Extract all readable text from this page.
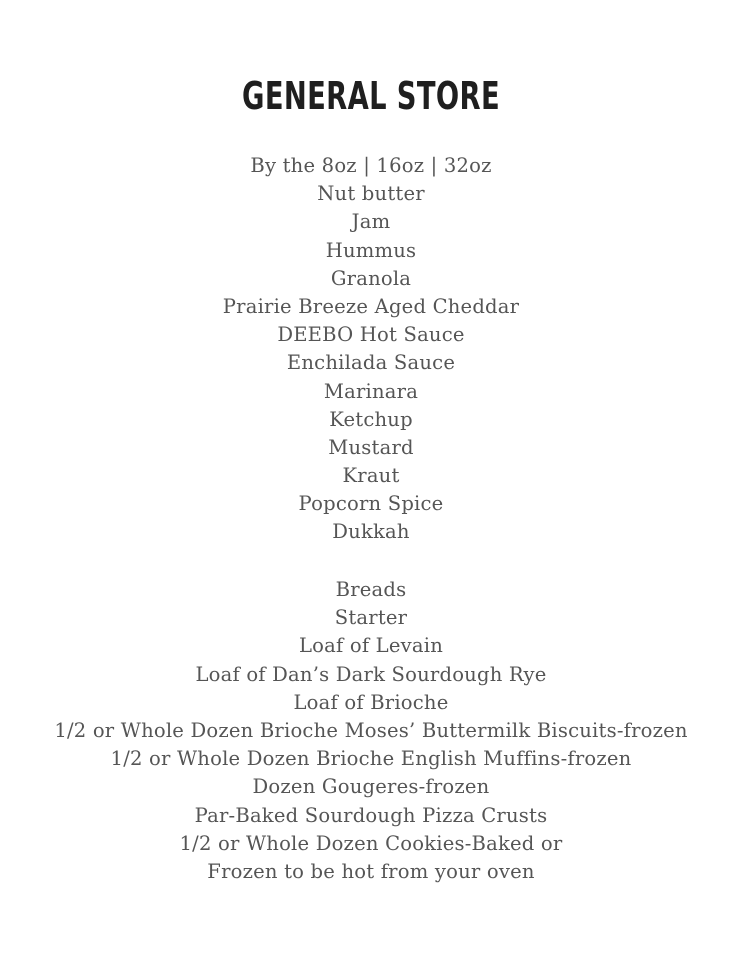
GENERAL STORE
By the 8oz | 16oz | 32oz
Nut butter
Jam
Hummus
Granola
Prairie Breeze Aged Cheddar
DEEBO Hot Sauce
Enchilada Sauce
Marinara
Ketchup
Mustard
Kraut
Popcorn Spice
Dukkah
Breads
Starter
Loaf of Levain
Loaf of Dan’s Dark Sourdough Rye
Loaf of Brioche
1/2 or Whole Dozen Brioche Moses’ Buttermilk Biscuits-frozen
1/2 or Whole Dozen Brioche English Muffins-frozen
Dozen Gougeres-frozen
Par-Baked Sourdough Pizza Crusts
1/2 or Whole Dozen Cookies-Baked or
Frozen to be hot from your oven
